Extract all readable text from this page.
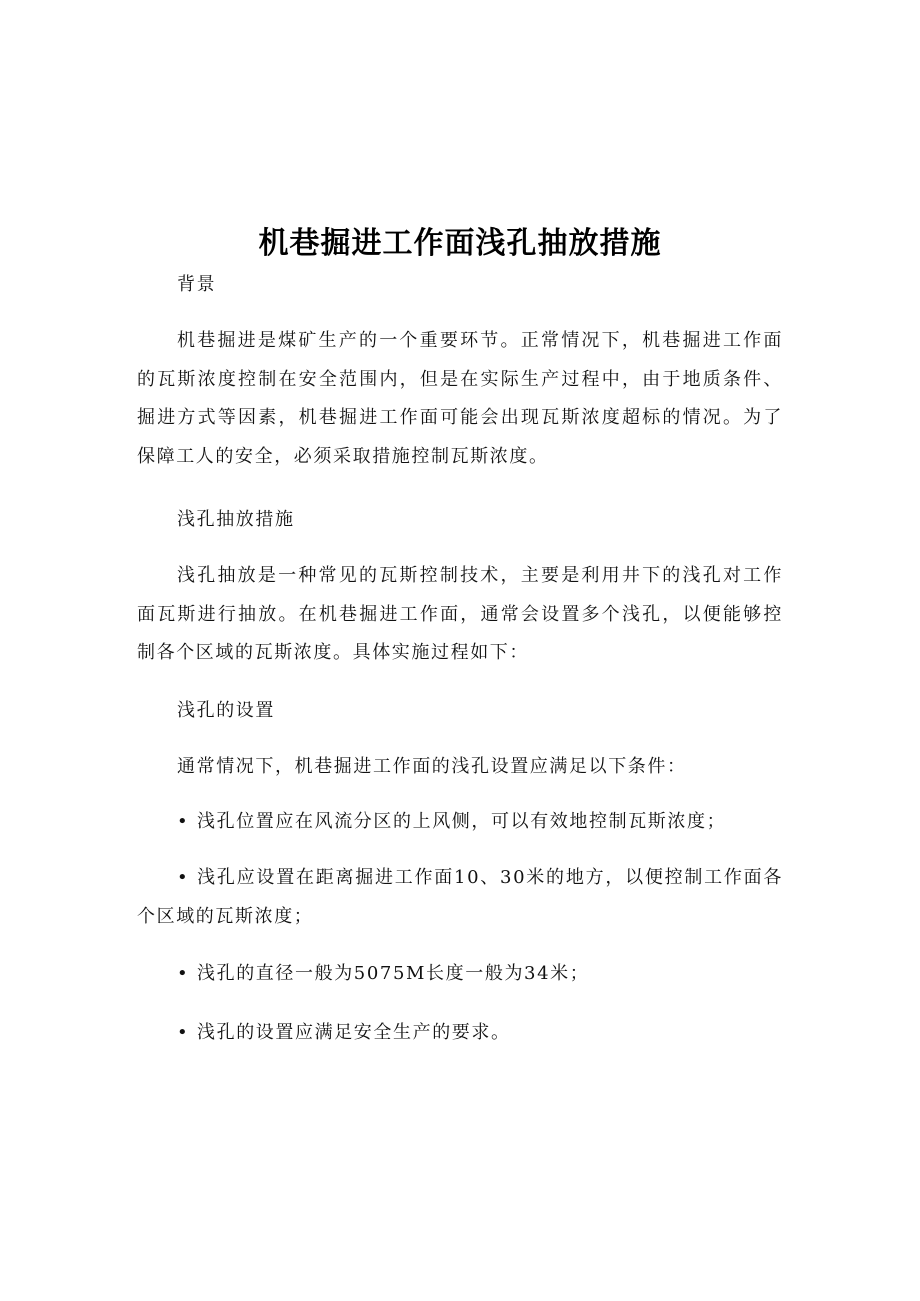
机巷掘进工作面浅孔抽放措施
背景
机巷掘进是煤矿生产的一个重要环节。正常情况下，机巷掘进工作面的瓦斯浓度控制在安全范围内，但是在实际生产过程中，由于地质条件、掘进方式等因素，机巷掘进工作面可能会出现瓦斯浓度超标的情况。为了保障工人的安全，必须采取措施控制瓦斯浓度。
浅孔抽放措施
浅孔抽放是一种常见的瓦斯控制技术，主要是利用井下的浅孔对工作面瓦斯进行抽放。在机巷掘进工作面，通常会设置多个浅孔，以便能够控制各个区域的瓦斯浓度。具体实施过程如下：
浅孔的设置
通常情况下，机巷掘进工作面的浅孔设置应满足以下条件：
• 浅孔位置应在风流分区的上风侧，可以有效地控制瓦斯浓度；
• 浅孔应设置在距离掘进工作面10、30米的地方，以便控制工作面各个区域的瓦斯浓度；
• 浅孔的直径一般为5075M长度一般为34米；
• 浅孔的设置应满足安全生产的要求。
